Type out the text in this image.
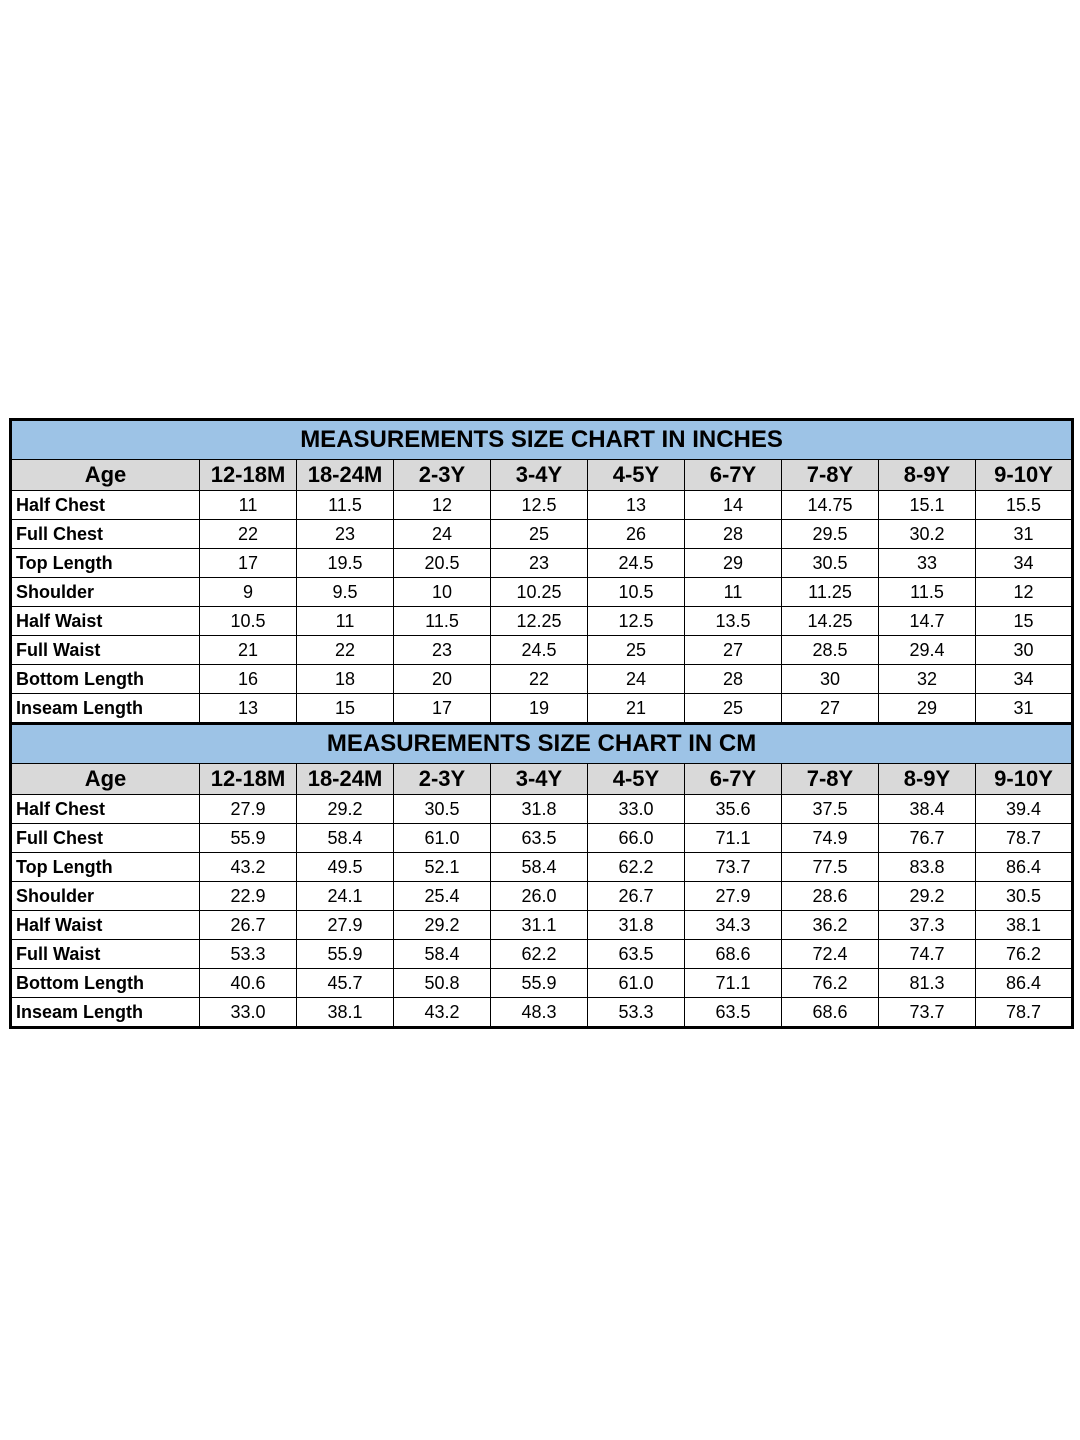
MEASUREMENTS SIZE CHART IN INCHES									
Age	12-18M	18-24M	2-3Y	3-4Y	4-5Y	6-7Y	7-8Y	8-9Y	9-10Y
Half Chest	11	11.5	12	12.5	13	14	14.75	15.1	15.5
Full Chest	22	23	24	25	26	28	29.5	30.2	31
Top Length	17	19.5	20.5	23	24.5	29	30.5	33	34
Shoulder	9	9.5	10	10.25	10.5	11	11.25	11.5	12
Half Waist	10.5	11	11.5	12.25	12.5	13.5	14.25	14.7	15
Full Waist	21	22	23	24.5	25	27	28.5	29.4	30
Bottom Length	16	18	20	22	24	28	30	32	34
Inseam Length	13	15	17	19	21	25	27	29	31
MEASUREMENTS SIZE CHART IN CM									
Age	12-18M	18-24M	2-3Y	3-4Y	4-5Y	6-7Y	7-8Y	8-9Y	9-10Y
Half Chest	27.9	29.2	30.5	31.8	33.0	35.6	37.5	38.4	39.4
Full Chest	55.9	58.4	61.0	63.5	66.0	71.1	74.9	76.7	78.7
Top Length	43.2	49.5	52.1	58.4	62.2	73.7	77.5	83.8	86.4
Shoulder	22.9	24.1	25.4	26.0	26.7	27.9	28.6	29.2	30.5
Half Waist	26.7	27.9	29.2	31.1	31.8	34.3	36.2	37.3	38.1
Full Waist	53.3	55.9	58.4	62.2	63.5	68.6	72.4	74.7	76.2
Bottom Length	40.6	45.7	50.8	55.9	61.0	71.1	76.2	81.3	86.4
Inseam Length	33.0	38.1	43.2	48.3	53.3	63.5	68.6	73.7	78.7
